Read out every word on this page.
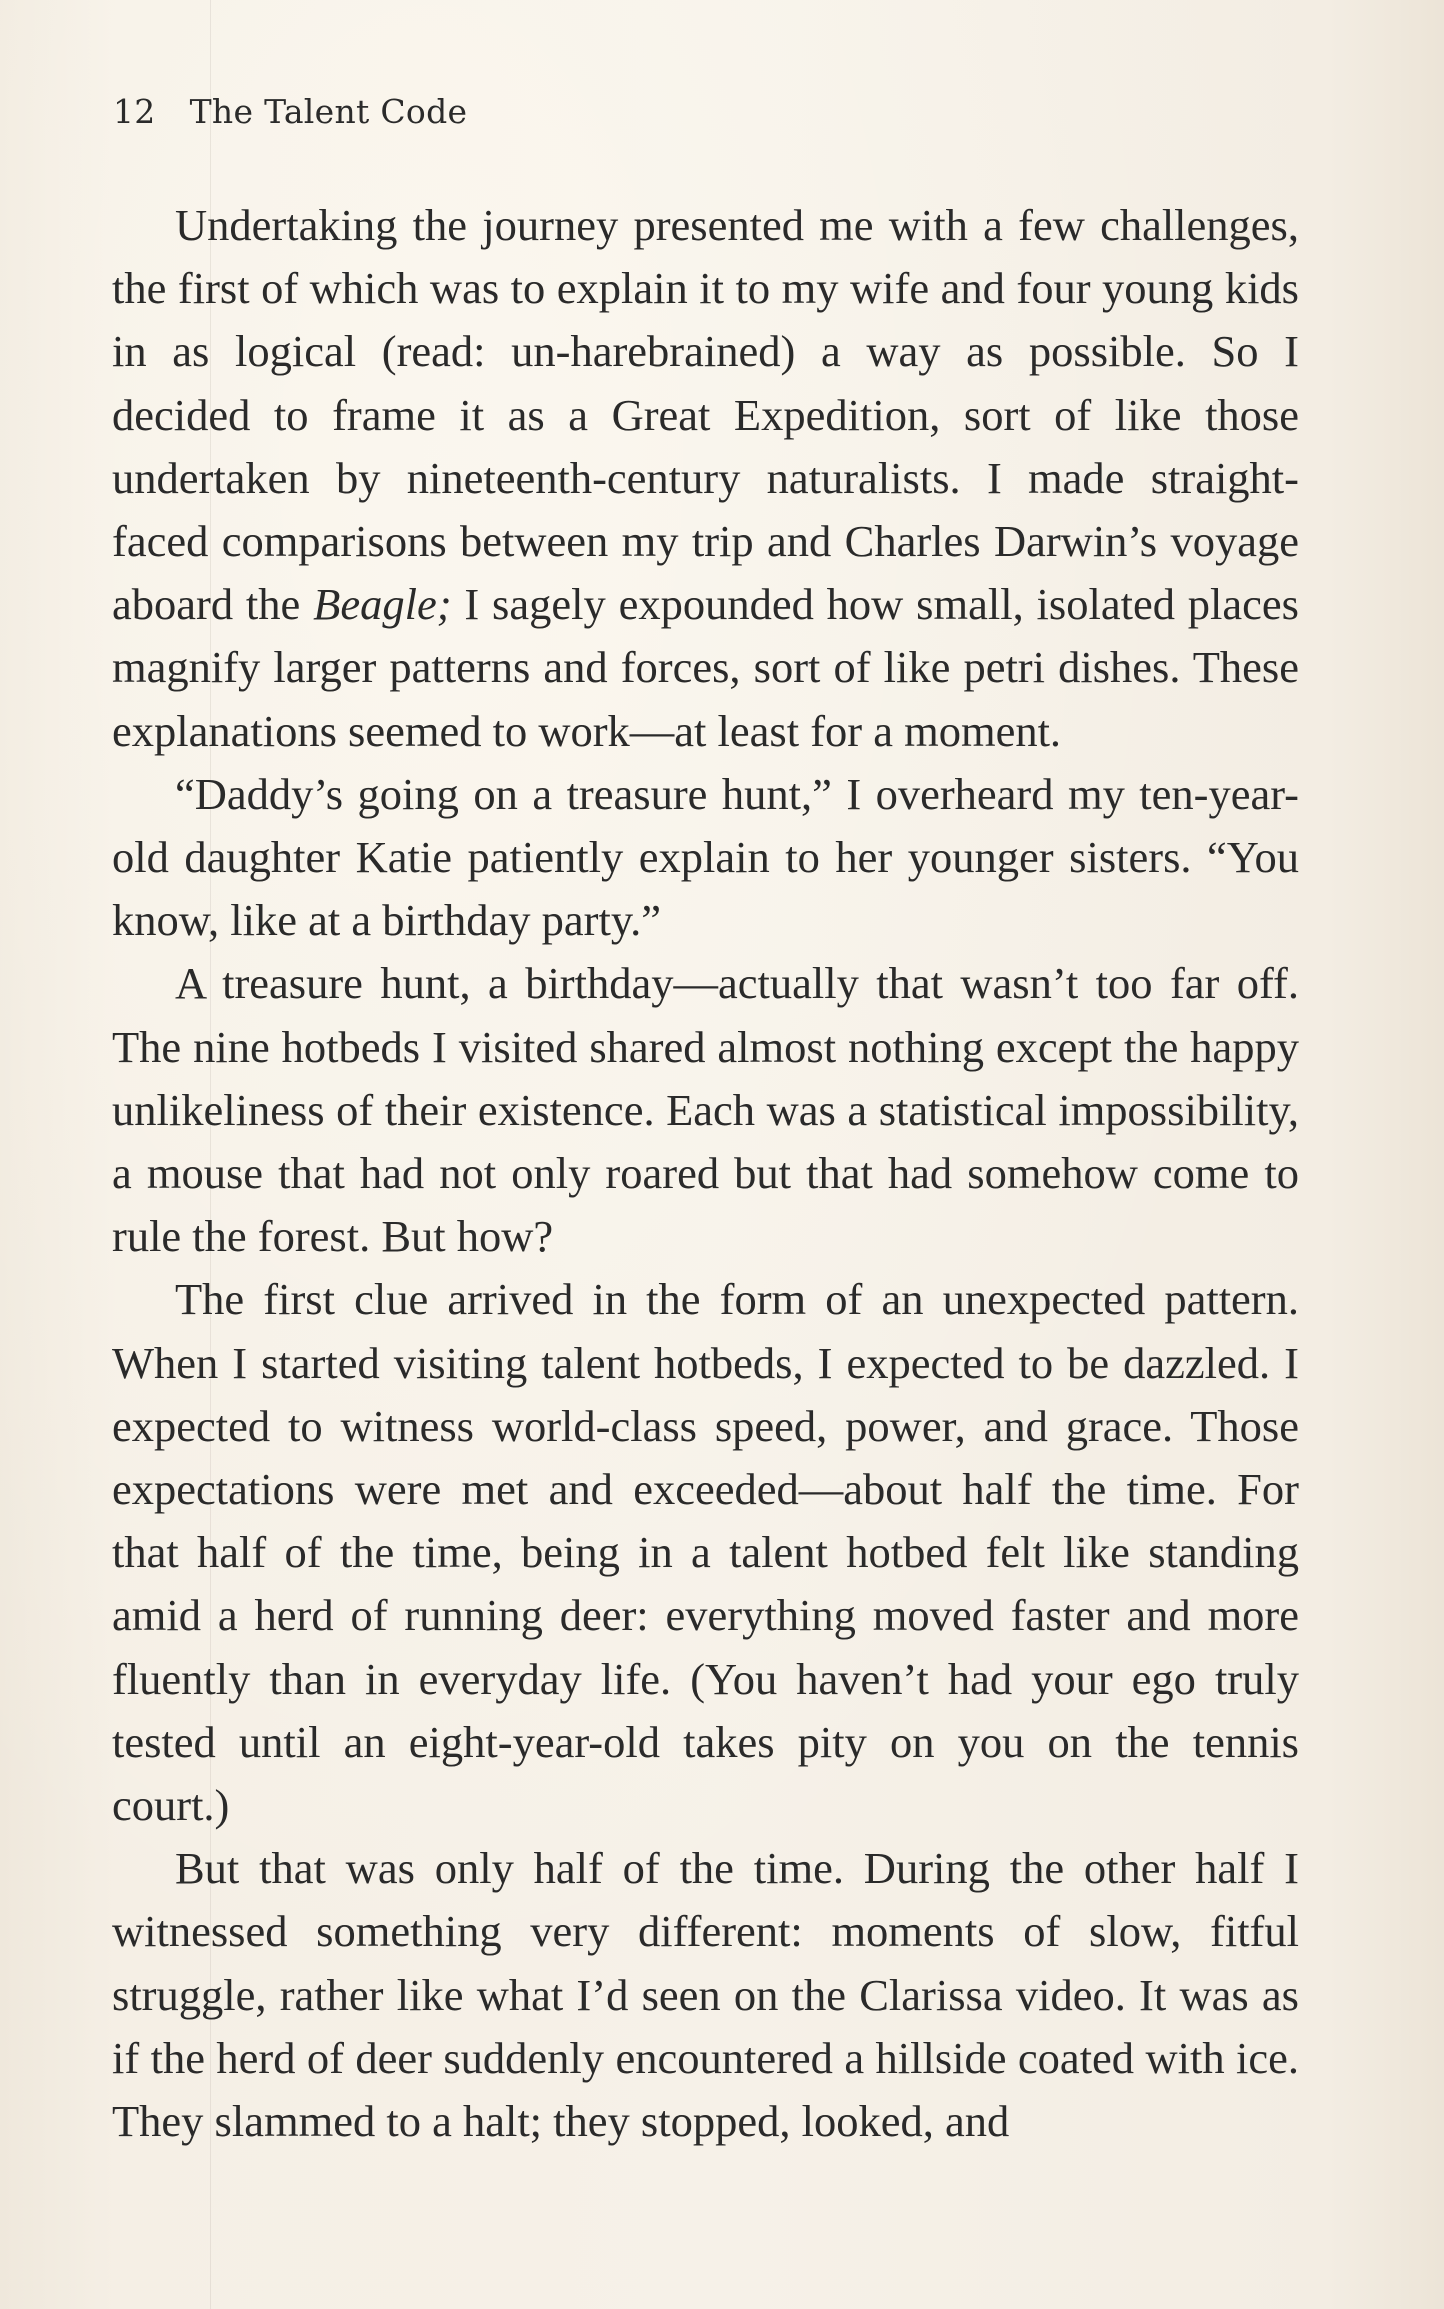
12 The Talent Code

Undertaking the journey presented me with a few challenges, the first of which was to explain it to my wife and four young kids in as logical (read: un-harebrained) a way as possible. So I decided to frame it as a Great Expedition, sort of like those undertaken by nineteenth-century naturalists. I made straight-faced comparisons between my trip and Charles Darwin’s voyage aboard the Beagle; I sagely expounded how small, isolated places magnify larger patterns and forces, sort of like petri dishes. These explanations seemed to work—at least for a moment.

“Daddy’s going on a treasure hunt,” I overheard my ten-year-old daughter Katie patiently explain to her younger sisters. “You know, like at a birthday party.”

A treasure hunt, a birthday—actually that wasn’t too far off. The nine hotbeds I visited shared almost nothing except the happy unlikeliness of their existence. Each was a statistical impossibility, a mouse that had not only roared but that had somehow come to rule the forest. But how?

The first clue arrived in the form of an unexpected pattern. When I started visiting talent hotbeds, I expected to be dazzled. I expected to witness world-class speed, power, and grace. Those expectations were met and exceeded—about half the time. For that half of the time, being in a talent hotbed felt like standing amid a herd of running deer: everything moved faster and more fluently than in everyday life. (You haven’t had your ego truly tested until an eight-year-old takes pity on you on the tennis court.)

But that was only half of the time. During the other half I witnessed something very different: moments of slow, fitful struggle, rather like what I’d seen on the Clarissa video. It was as if the herd of deer suddenly encountered a hillside coated with ice. They slammed to a halt; they stopped, looked, and
